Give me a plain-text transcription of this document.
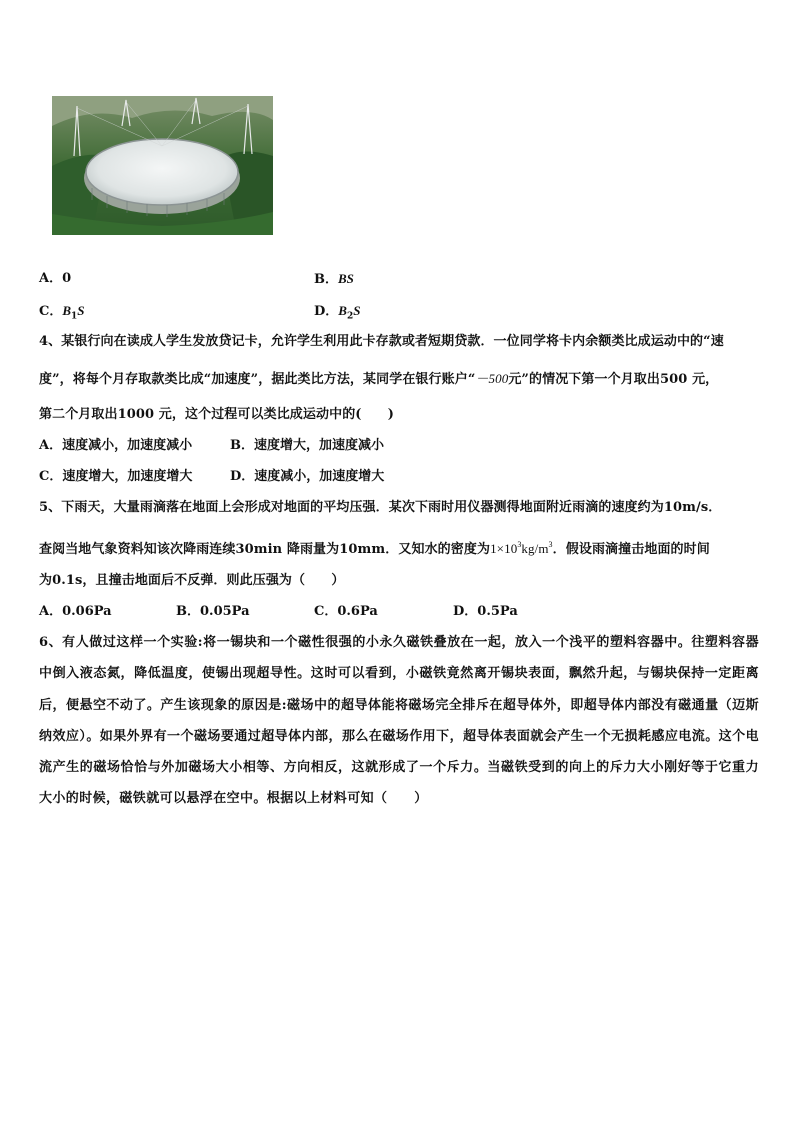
A．0	B．BS
C．$B_1S$	D．$B_2S$
4、某银行向在读成人学生发放贷记卡，允许学生利用此卡存款或者短期贷款．一位同学将卡内余额类比成运动中的“速
度”，将每个月存取款类比成“加速度”，据此类比方法，某同学在银行账户“－500元”的情况下第一个月取出500 元，
第二个月取出1000 元，这个过程可以类比成运动中的(　　)
A．速度减小，加速度减小	B．速度增大，加速度减小
C．速度增大，加速度增大	D．速度减小，加速度增大
5、下雨天，大量雨滴落在地面上会形成对地面的平均压强．某次下雨时用仪器测得地面附近雨滴的速度约为10m/s．
查阅当地气象资料知该次降雨连续30min 降雨量为10mm．又知水的密度为$1\times 10^3kg/m^3$．假设雨滴撞击地面的时间
为0.1s，且撞击地面后不反弹．则此压强为（　　）
A．0.06Pa	B．0.05Pa	C．0.6Pa	D．0.5Pa
6、有人做过这样一个实验:将一锡块和一个磁性很强的小永久磁铁叠放在一起，放入一个浅平的塑料容器中。往塑料容器中倒入液态氮，降低温度，使锡出现超导性。这时可以看到，小磁铁竟然离开锡块表面，飘然升起，与锡块保持一定距离后，便悬空不动了。产生该现象的原因是:磁场中的超导体能将磁场完全排斥在超导体外，即超导体内部没有磁通量（迈斯纳效应）。如果外界有一个磁场要通过超导体内部，那么在磁场作用下，超导体表面就会产生一个无损耗感应电流。这个电流产生的磁场恰恰与外加磁场大小相等、方向相反，这就形成了一个斥力。当磁铁受到的向上的斥力大小刚好等于它重力大小的时候，磁铁就可以悬浮在空中。根据以上材料可知（　　）
